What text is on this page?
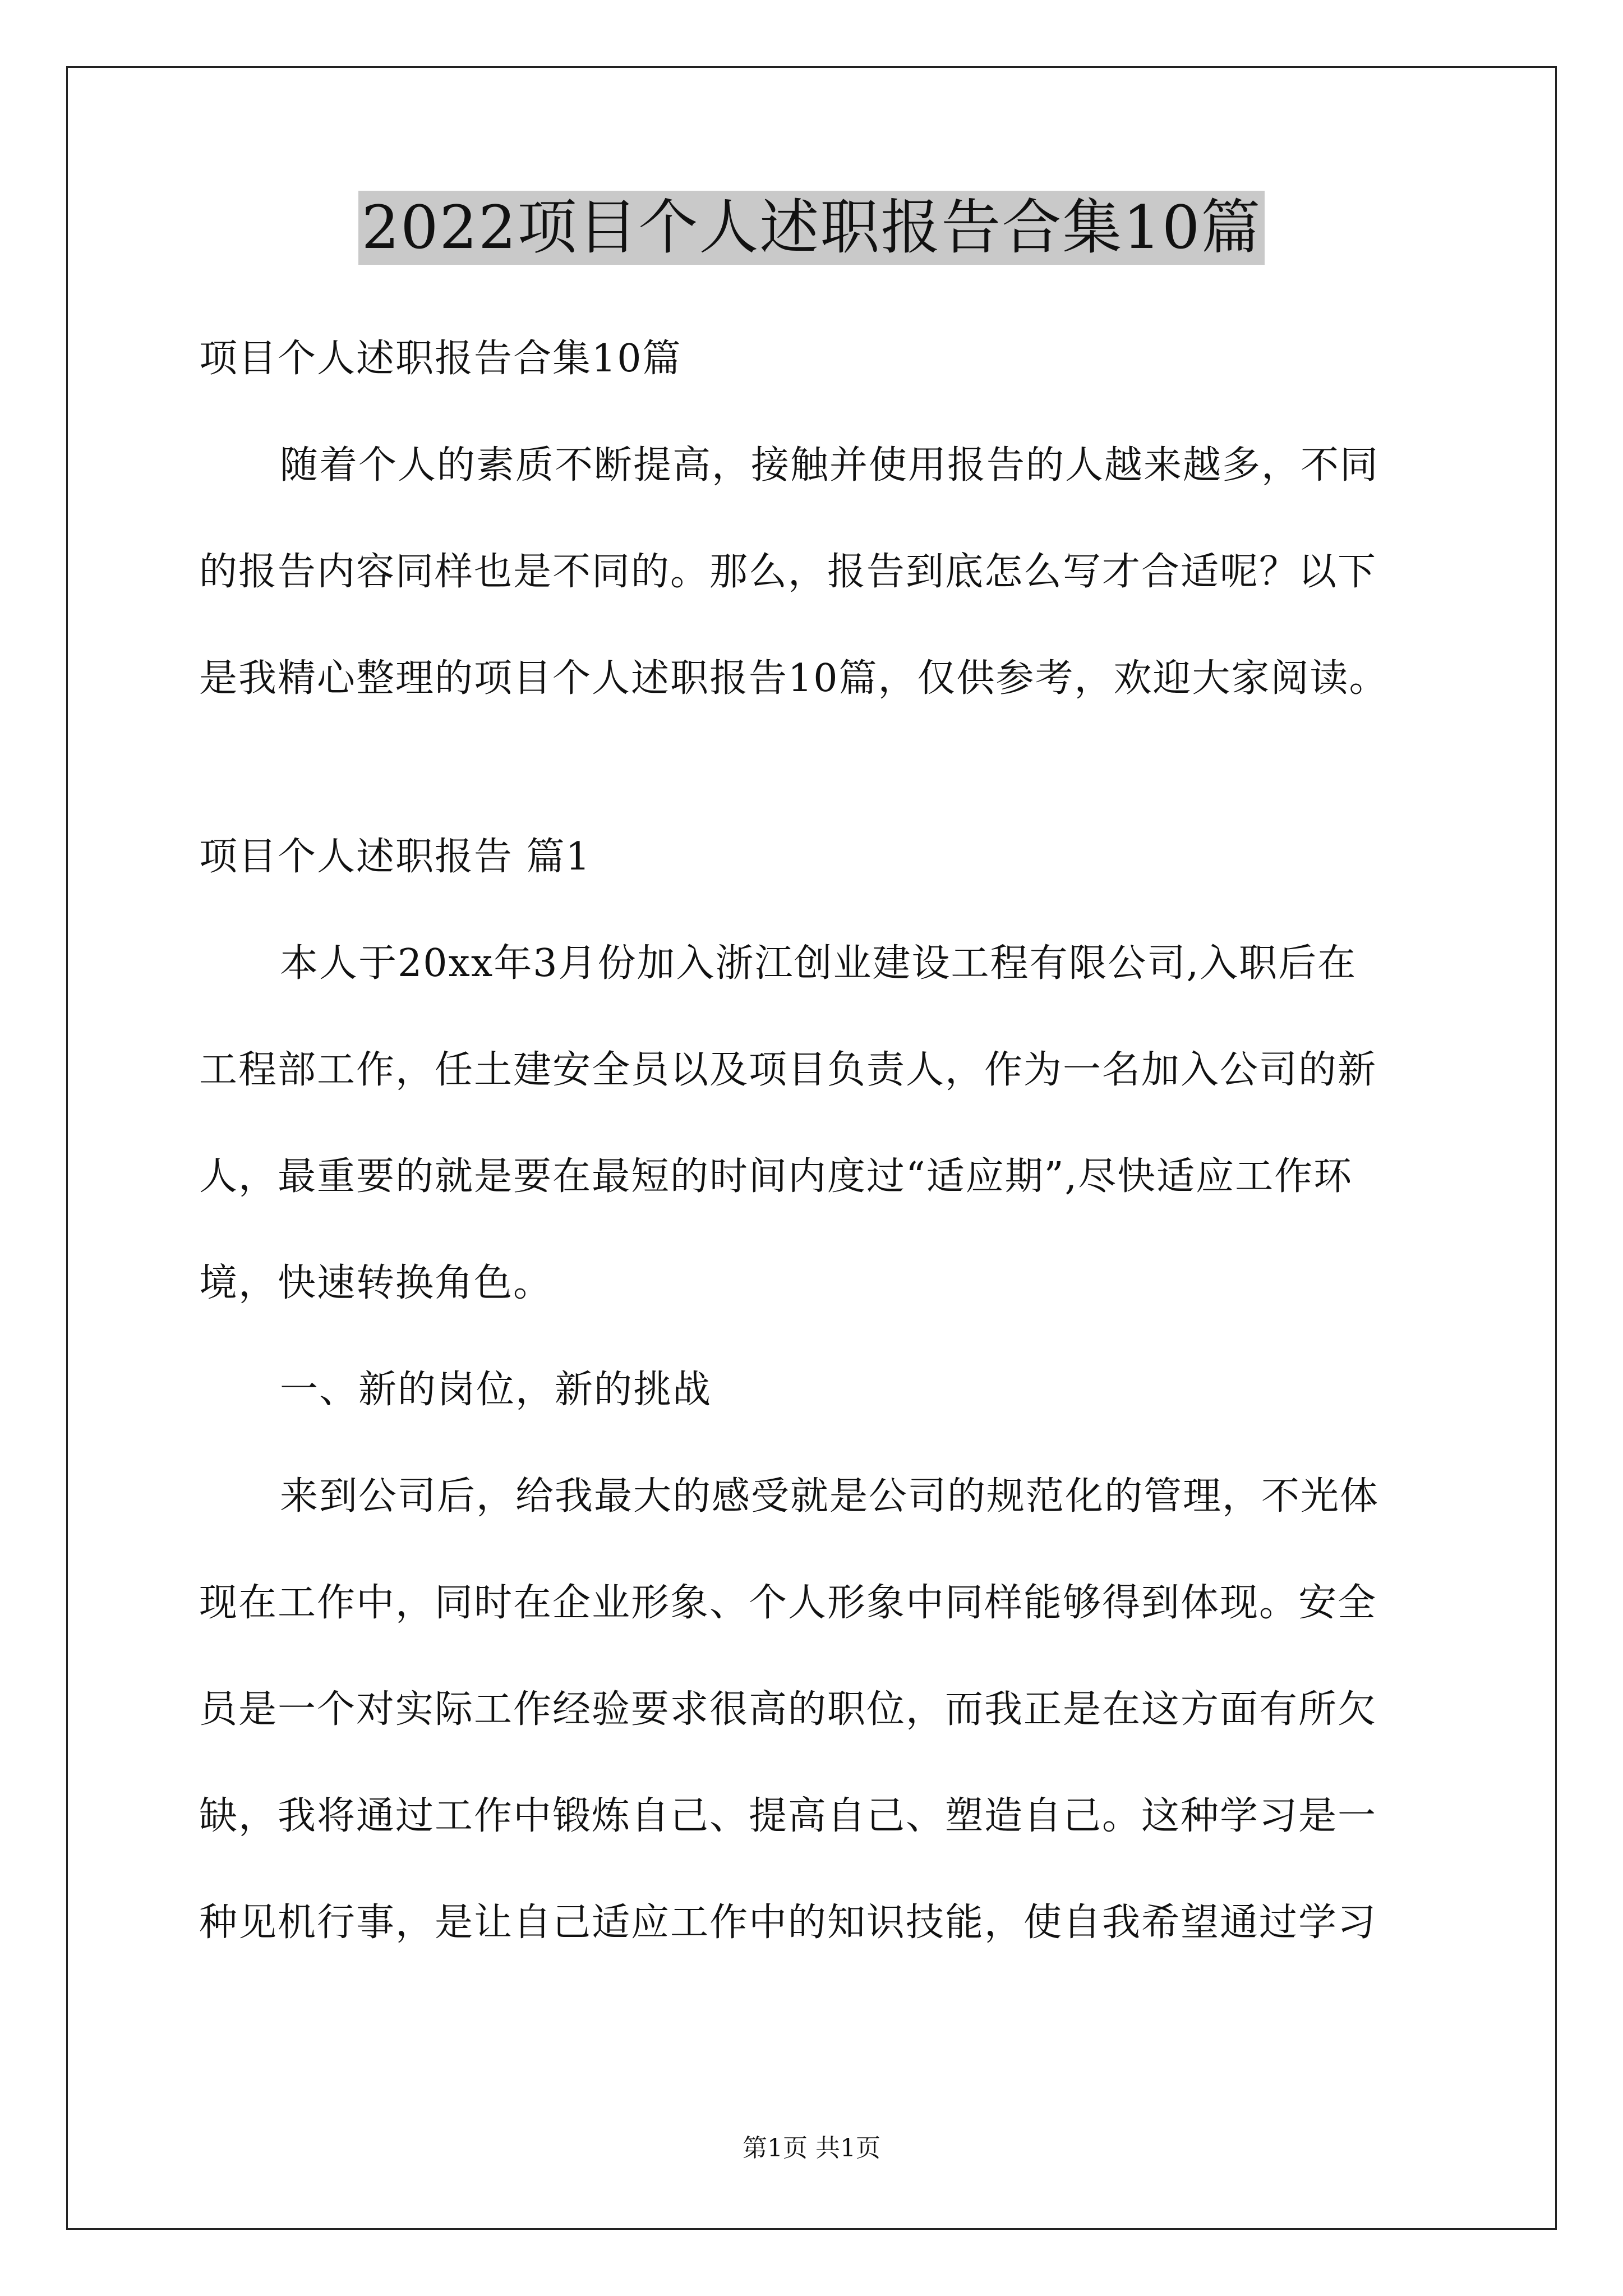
2022项目个人述职报告合集10篇
项目个人述职报告合集10篇
随着个人的素质不断提高，接触并使用报告的人越来越多，不同
的报告内容同样也是不同的。那么，报告到底怎么写才合适呢？以下
是我精心整理的项目个人述职报告10篇，仅供参考，欢迎大家阅读。
项目个人述职报告 篇1
本人于20xx年3月份加入浙江创业建设工程有限公司,入职后在
工程部工作，任土建安全员以及项目负责人，作为一名加入公司的新
人，最重要的就是要在最短的时间内度过“适应期”,尽快适应工作环
境，快速转换角色。
一、新的岗位，新的挑战
来到公司后，给我最大的感受就是公司的规范化的管理，不光体
现在工作中，同时在企业形象、个人形象中同样能够得到体现。安全
员是一个对实际工作经验要求很高的职位，而我正是在这方面有所欠
缺，我将通过工作中锻炼自己、提高自己、塑造自己。这种学习是一
种见机行事，是让自己适应工作中的知识技能，使自我希望通过学习
第1页 共1页
